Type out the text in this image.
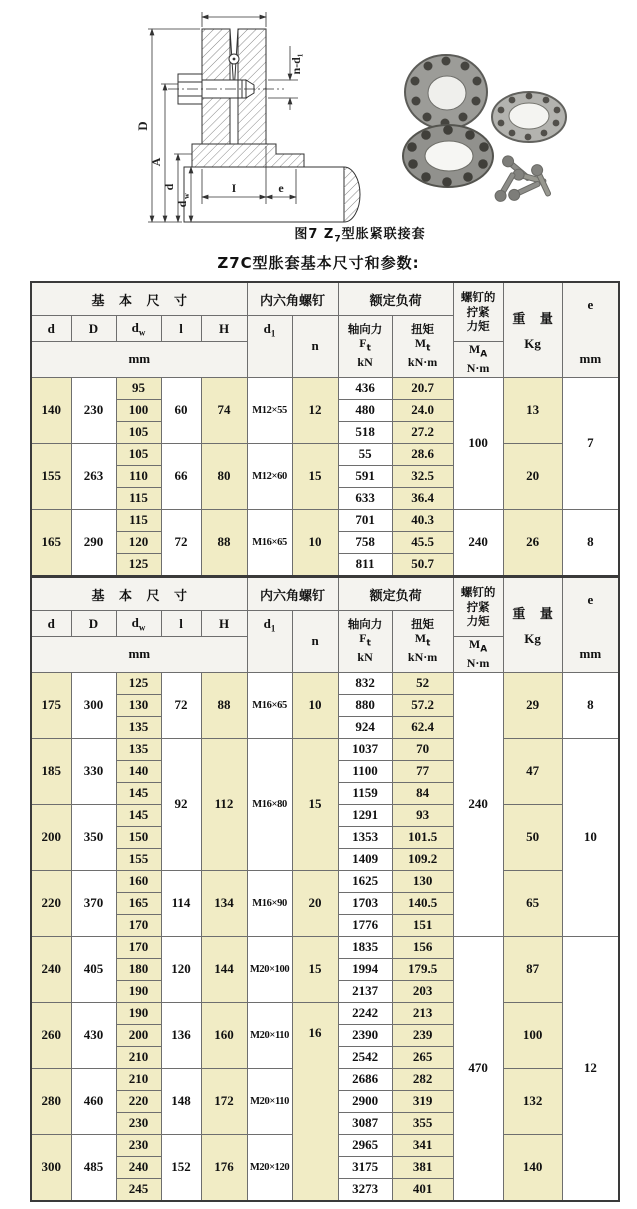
n-d₁
D
A
d
d
w
I	e
图7 $Z_7$型胀紧联接套
Z7C型胀套基本尺寸和参数:
基 本 尺 寸					内六角螺钉		额定负荷		螺钉的
拧紧
力矩	重 量
Kg	e
mm

d	D	$d_w$	l	H	$d_1$	n	轴向力
$F_t$
kN	扭矩
$M_t$
kN·m			
mm									$M_A$
N·m		
140	230	95	60	74	M12×55	12	436	20.7	100	13	7
		100					480	24.0			
		105					518	27.2			
155	263	105	66	80	M12×60	15	55	28.6		20	
		110					591	32.5			
		115					633	36.4			
165	290	115	72	88	M16×65	10	701	40.3	240	26	8
		120					758	45.5			
		125					811	50.7			
基 本 尺 寸					内六角螺钉		额定负荷		螺钉的
拧紧
力矩	重 量
Kg	e
mm

d	D	$d_w$	l	H	$d_1$	n	轴向力
$F_t$
kN	扭矩
$M_t$
kN·m			
mm									$M_A$
N·m		
175	300	125	72	88	M16×65	10	832	52	240	29	8
		130					880	57.2			
		135					924	62.4			
185	330	135	92	112	M16×80	15	1037	70		47	10
		140					1100	77			
		145					1159	84			
200	350	145					1291	93		50	
		150					1353	101.5			
		155					1409	109.2			
220	370	160	114	134	M16×90	20	1625	130		65	
		165					1703	140.5			
		170					1776	151			
240	405	170	120	144	M20×100	15	1835	156	470	87	12
		180					1994	179.5			
		190					2137	203			
260	430	190	136	160	M20×110	16	2242	213		100	
		200					2390	239			
		210					2542	265			
280	460	210	148	172	M20×110		2686	282		132	
		220					2900	319			
		230					3087	355			
300	485	230	152	176	M20×120		2965	341		140	
		240					3175	381			
		245					3273	401			
